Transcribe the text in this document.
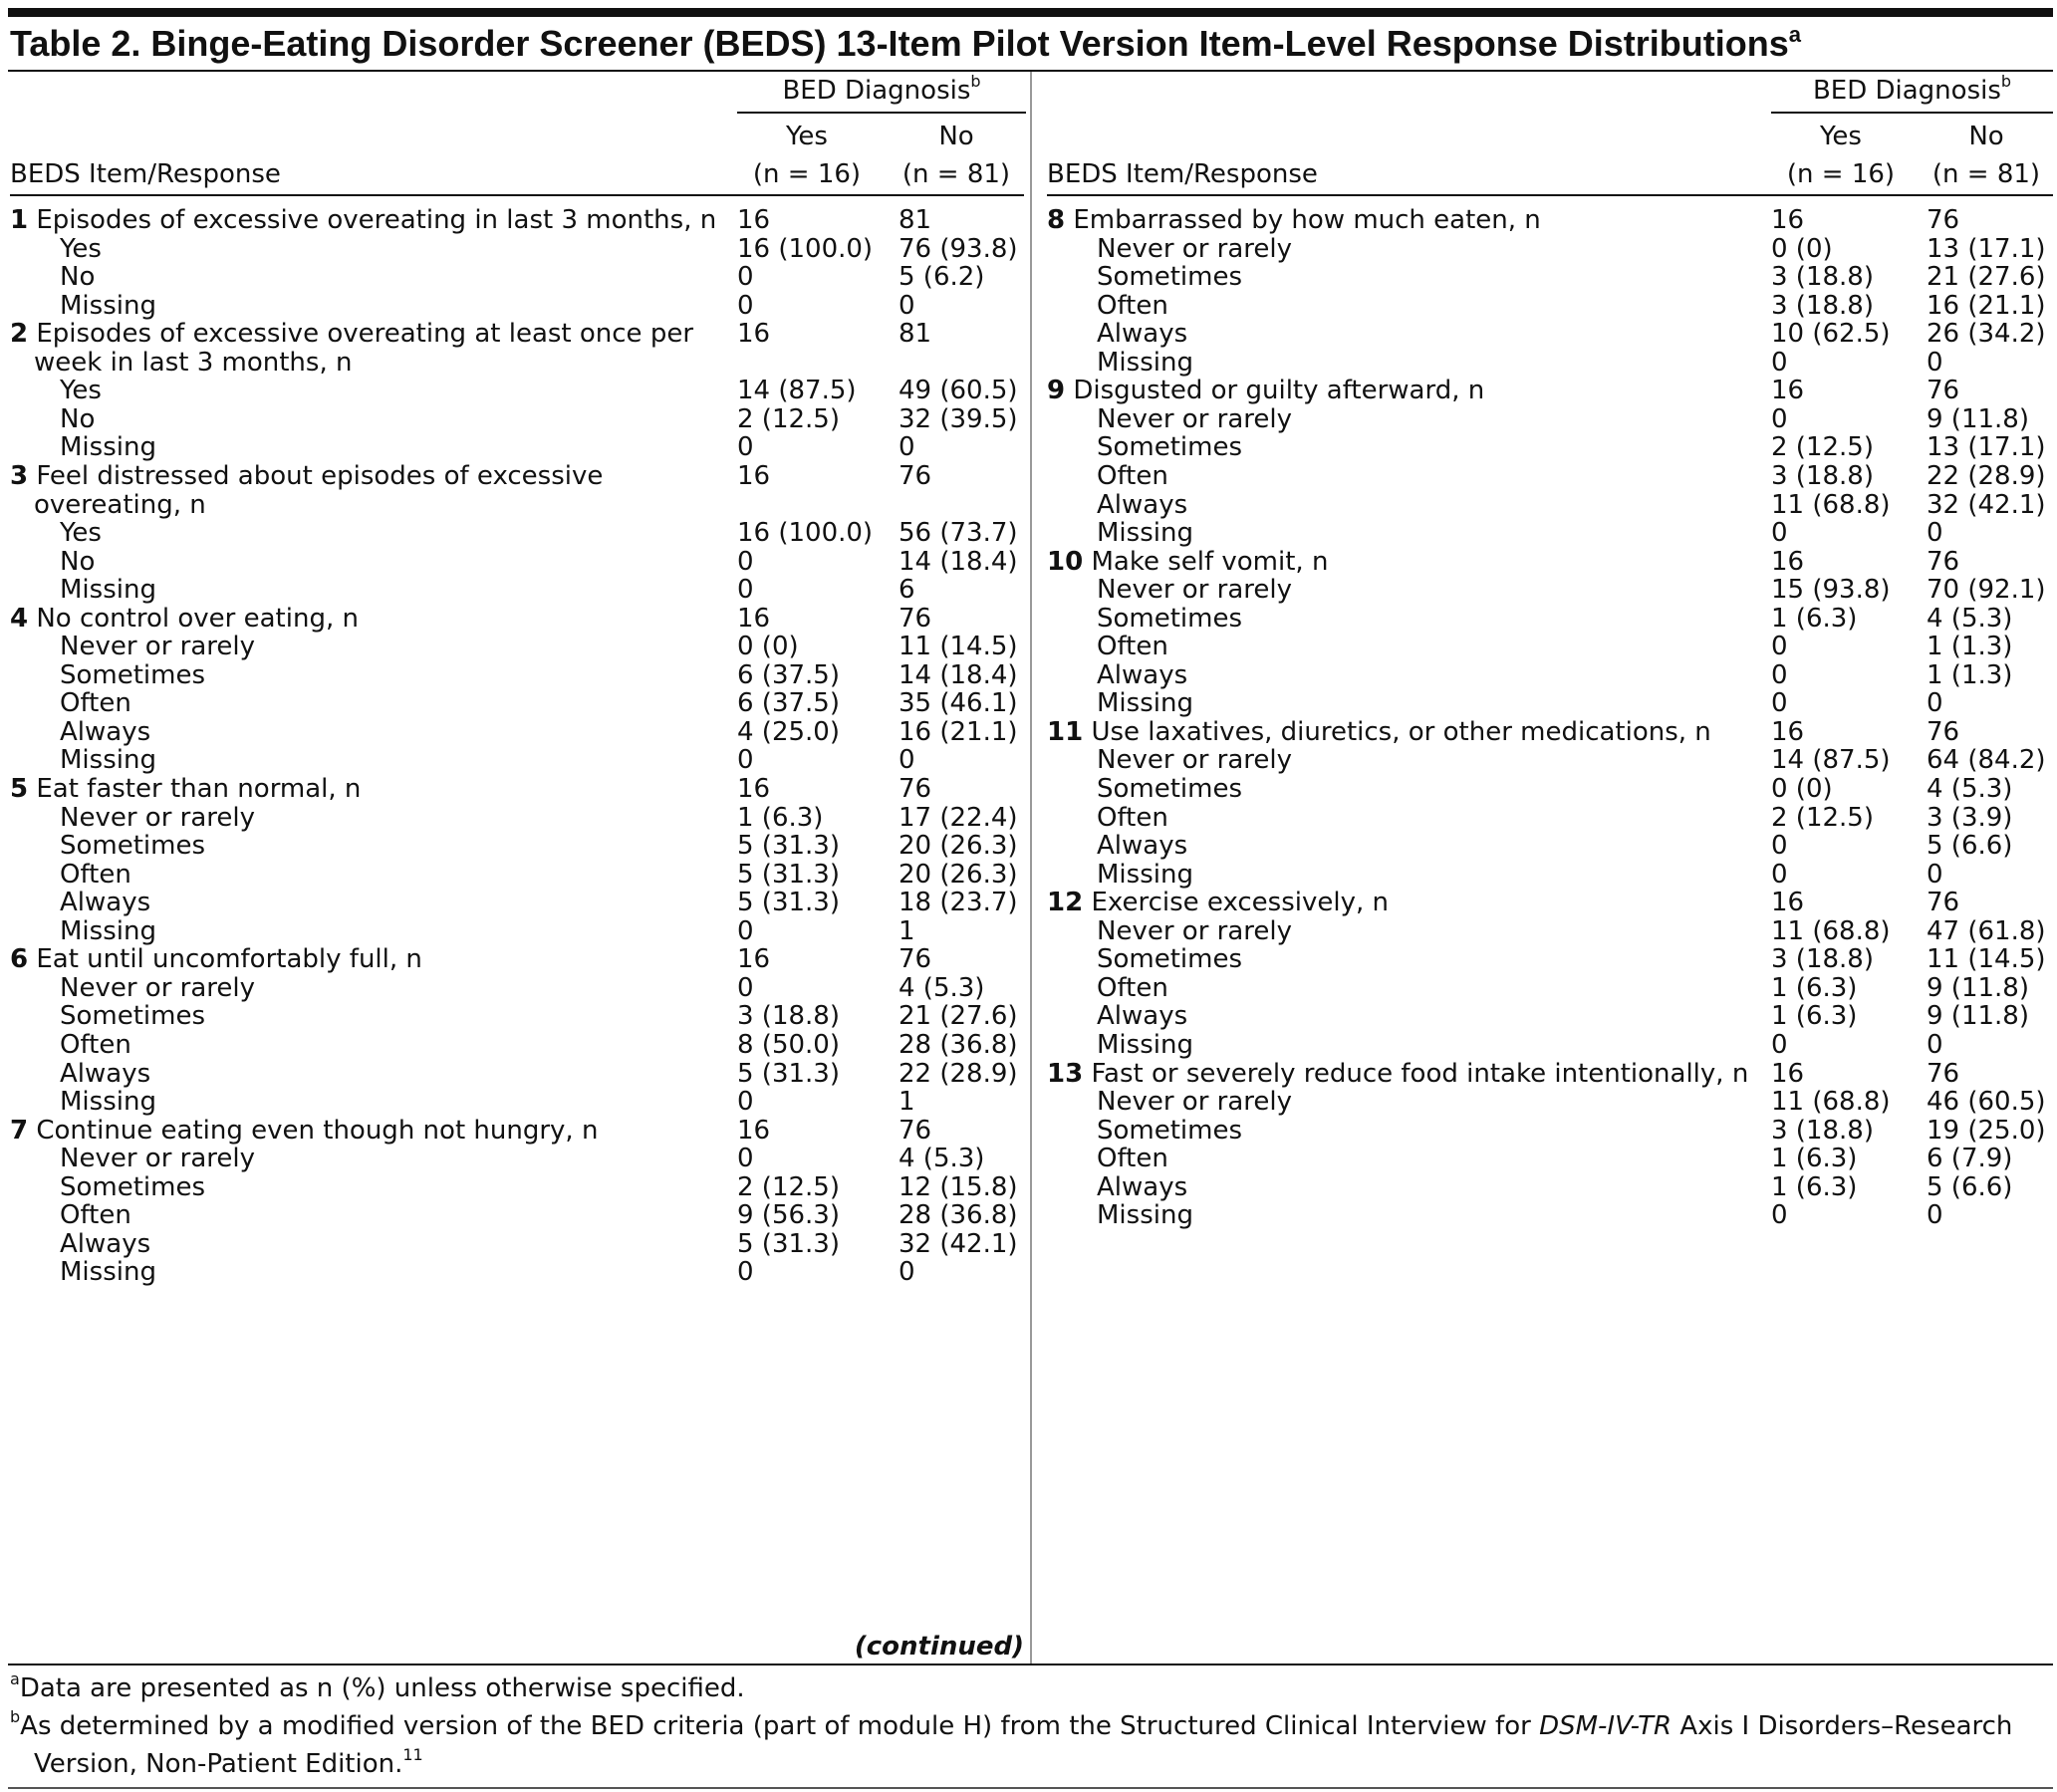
Table 2. Binge-Eating Disorder Screener (BEDS) 13-Item Pilot Version Item-Level Response Distributions$^a$
BED Diagnosis$^b$
Yes
(n = 16)
No
(n = 81)
BEDS Item/Response
1 Episodes of excessive overeating in last 3 months, n 16	81
Yes	16 (100.0) 76 (93.8)
No	0	5 (6.2)
Missing	0	0
2 Episodes of excessive overeating at least once per 16	81
week in last 3 months, n
Yes	14 (87.5) 49 (60.5)
No	2 (12.5) 32 (39.5)
Missing	0	0
3 Feel distressed about episodes of excessive	16	76
overeating, n
Yes	16 (100.0) 56 (73.7)
No	0	14 (18.4)
Missing	0	6
4 No control over eating, n	16	76
Never or rarely	0 (0)	11 (14.5)
Sometimes	6 (37.5) 14 (18.4)
Often	6 (37.5) 35 (46.1)
Always	4 (25.0) 16 (21.1)
Missing	0	0
5 Eat faster than normal, n	16	76
Never or rarely	1 (6.3)	17 (22.4)
Sometimes	5 (31.3) 20 (26.3)
Often	5 (31.3) 20 (26.3)
Always	5 (31.3) 18 (23.7)
Missing	0	1
6 Eat until uncomfortably full, n	16	76
Never or rarely	0	4 (5.3)
Sometimes	3 (18.8) 21 (27.6)
Often	8 (50.0) 28 (36.8)
Always	5 (31.3) 22 (28.9)
Missing	0	1
7 Continue eating even though not hungry, n	16	76
Never or rarely	0	4 (5.3)
Sometimes	2 (12.5) 12 (15.8)
Often	9 (56.3) 28 (36.8)
Always	5 (31.3) 32 (42.1)
Missing	0	0
(continued)
BED Diagnosis$^b$
Yes
(n = 16)
No
(n = 81)
BEDS Item/Response
8 Embarrassed by how much eaten, n	16	76
Never or rarely	0 (0)	13 (17.1)
Sometimes	3 (18.8) 21 (27.6)
Often	3 (18.8) 16 (21.1)
Always	10 (62.5) 26 (34.2)
Missing	0	0
9 Disgusted or guilty afterward, n	16	76
Never or rarely	0	9 (11.8)
Sometimes	2 (12.5) 13 (17.1)
Often	3 (18.8) 22 (28.9)
Always	11 (68.8) 32 (42.1)
Missing	0	0
10 Make self vomit, n	16	76
Never or rarely	15 (93.8) 70 (92.1)
Sometimes	1 (6.3)	4 (5.3)
Often	0	1 (1.3)
Always	0	1 (1.3)
Missing	0	0
11 Use laxatives, diuretics, or other medications, n 16	76
Never or rarely	14 (87.5) 64 (84.2)
Sometimes	0 (0)	4 (5.3)
Often	2 (12.5) 3 (3.9)
Always	0	5 (6.6)
Missing	0	0
12 Exercise excessively, n	16	76
Never or rarely	11 (68.8) 47 (61.8)
Sometimes	3 (18.8) 11 (14.5)
Often	1 (6.3)	9 (11.8)
Always	1 (6.3)	9 (11.8)
Missing	0	0
13 Fast or severely reduce food intake intentionally, n 16	76
Never or rarely	11 (68.8) 46 (60.5)
Sometimes	3 (18.8) 19 (25.0)
Often	1 (6.3)	6 (7.9)
Always	1 (6.3)	5 (6.6)
Missing	0	0
$^a$Data are presented as n (%) unless otherwise specified.
$^b$As determined by a modified version of the BED criteria (part of module H) from the Structured Clinical Interview for DSM-IV-TR Axis I Disorders–Research
Version, Non-Patient Edition.$^{11}$
